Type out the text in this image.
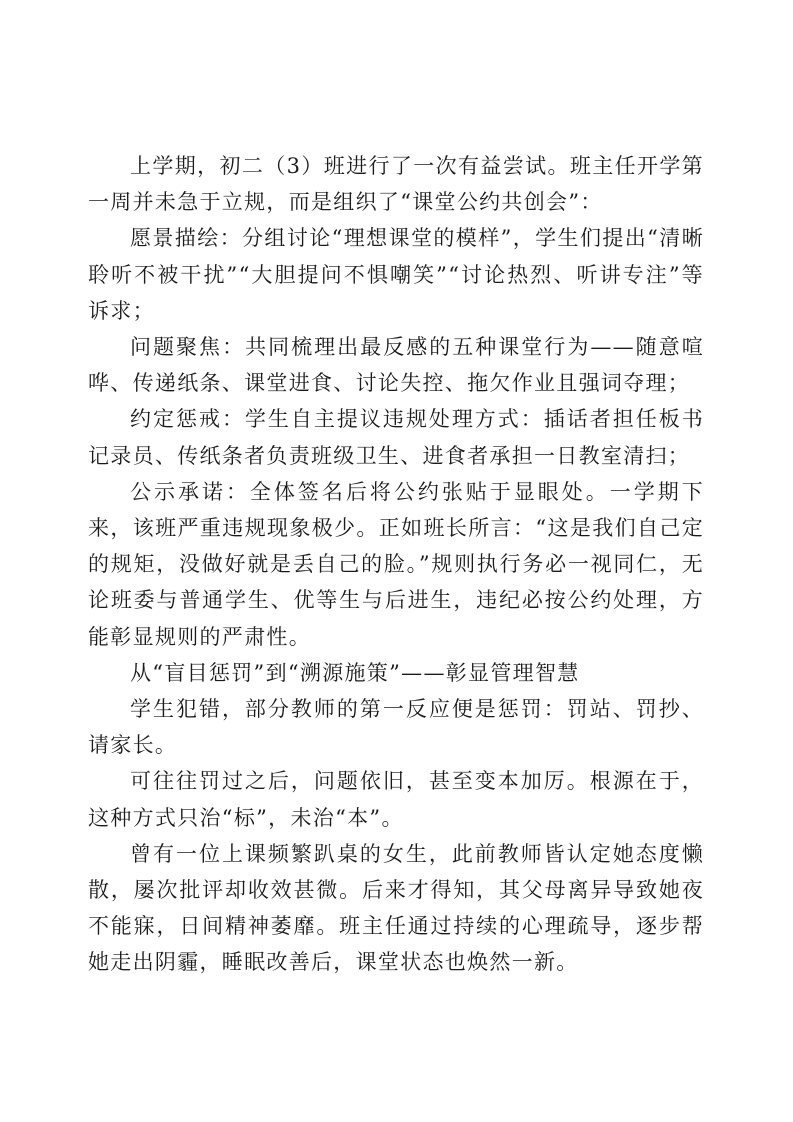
上学期，初二（3）班进行了一次有益尝试。班主任开学第一周并未急于立规，而是组织了“课堂公约共创会”：

愿景描绘：分组讨论“理想课堂的模样”，学生们提出“清晰聆听不被干扰”“大胆提问不惧嘲笑”“讨论热烈、听讲专注”等诉求；

问题聚焦：共同梳理出最反感的五种课堂行为——随意喧哗、传递纸条、课堂进食、讨论失控、拖欠作业且强词夺理；

约定惩戒：学生自主提议违规处理方式：插话者担任板书记录员、传纸条者负责班级卫生、进食者承担一日教室清扫；

公示承诺：全体签名后将公约张贴于显眼处。一学期下来，该班严重违规现象极少。正如班长所言：“这是我们自己定的规矩，没做好就是丢自己的脸。”规则执行务必一视同仁，无论班委与普通学生、优等生与后进生，违纪必按公约处理，方能彰显规则的严肃性。

从“盲目惩罚”到“溯源施策”——彰显管理智慧

学生犯错，部分教师的第一反应便是惩罚：罚站、罚抄、请家长。

可往往罚过之后，问题依旧，甚至变本加厉。根源在于，这种方式只治“标”，未治“本”。

曾有一位上课频繁趴桌的女生，此前教师皆认定她态度懒散，屡次批评却收效甚微。后来才得知，其父母离异导致她夜不能寐，日间精神萎靡。班主任通过持续的心理疏导，逐步帮她走出阴霾，睡眠改善后，课堂状态也焕然一新。
